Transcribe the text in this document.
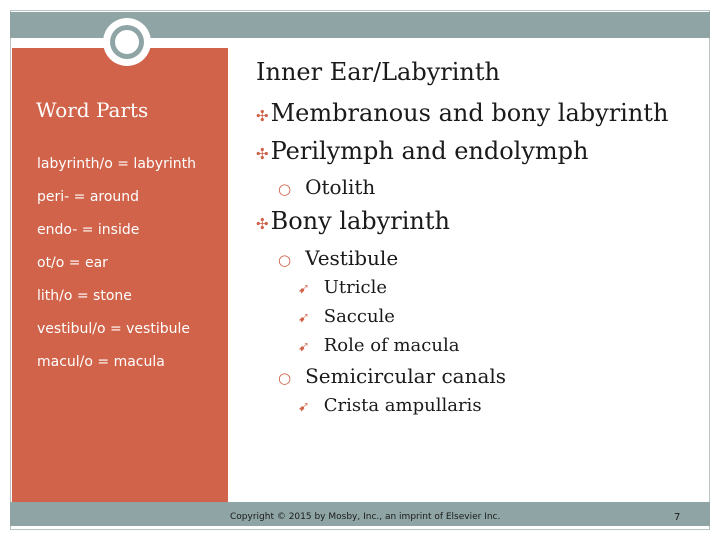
Word Parts
labyrinth/o = labyrinth
peri- = around
endo- = inside
ot/o = ear
lith/o = stone
vestibul/o = vestibule
macul/o = macula
Inner Ear/Labyrinth
✣ Membranous and bony labyrinth
✣ Perilymph and endolymph
○ Otolith
✣ Bony labyrinth
○ Vestibule
➹ Utricle
➹ Saccule
➹ Role of macula
○ Semicircular canals
➹ Crista ampullaris
Copyright © 2015 by Mosby, Inc., an imprint of Elsevier Inc.	7
